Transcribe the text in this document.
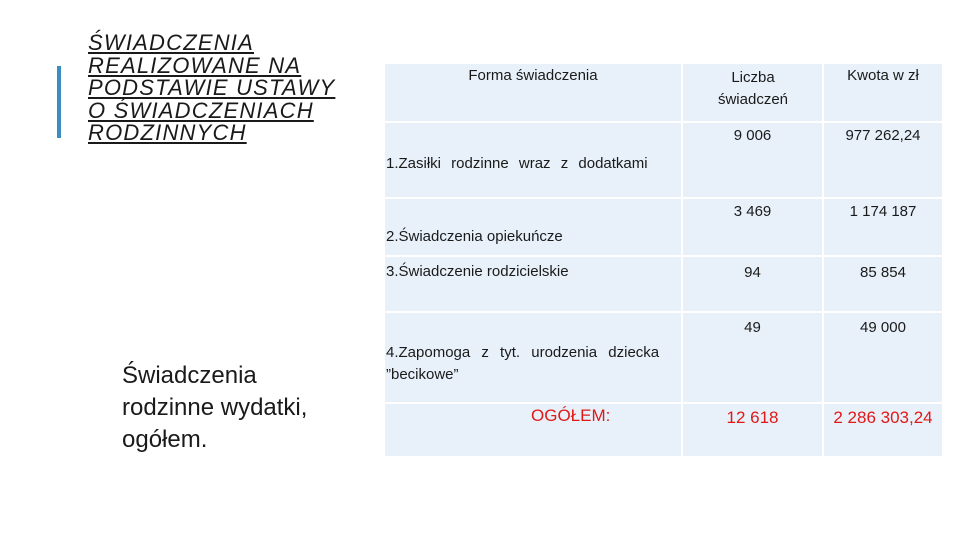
ŚWIADCZENIA REALIZOWANE NA PODSTAWIE USTAWY O ŚWIADCZENIACH RODZINNYCH
Świadczenia rodzinne wydatki, ogółem.
Forma świadczenia
1.Zasiłki rodzinne wraz z dodatkami
2.Świadczenia opiekuńcze
3.Świadczenie rodzicielskie
4.Zapomoga z tyt. urodzenia dziecka ”becikowe”
OGÓŁEM:
Liczba świadczeń
9 006
3 469
94
49
12 618
Kwota w zł
977 262,24
1 174 187
85 854
49 000
2 286 303,24
